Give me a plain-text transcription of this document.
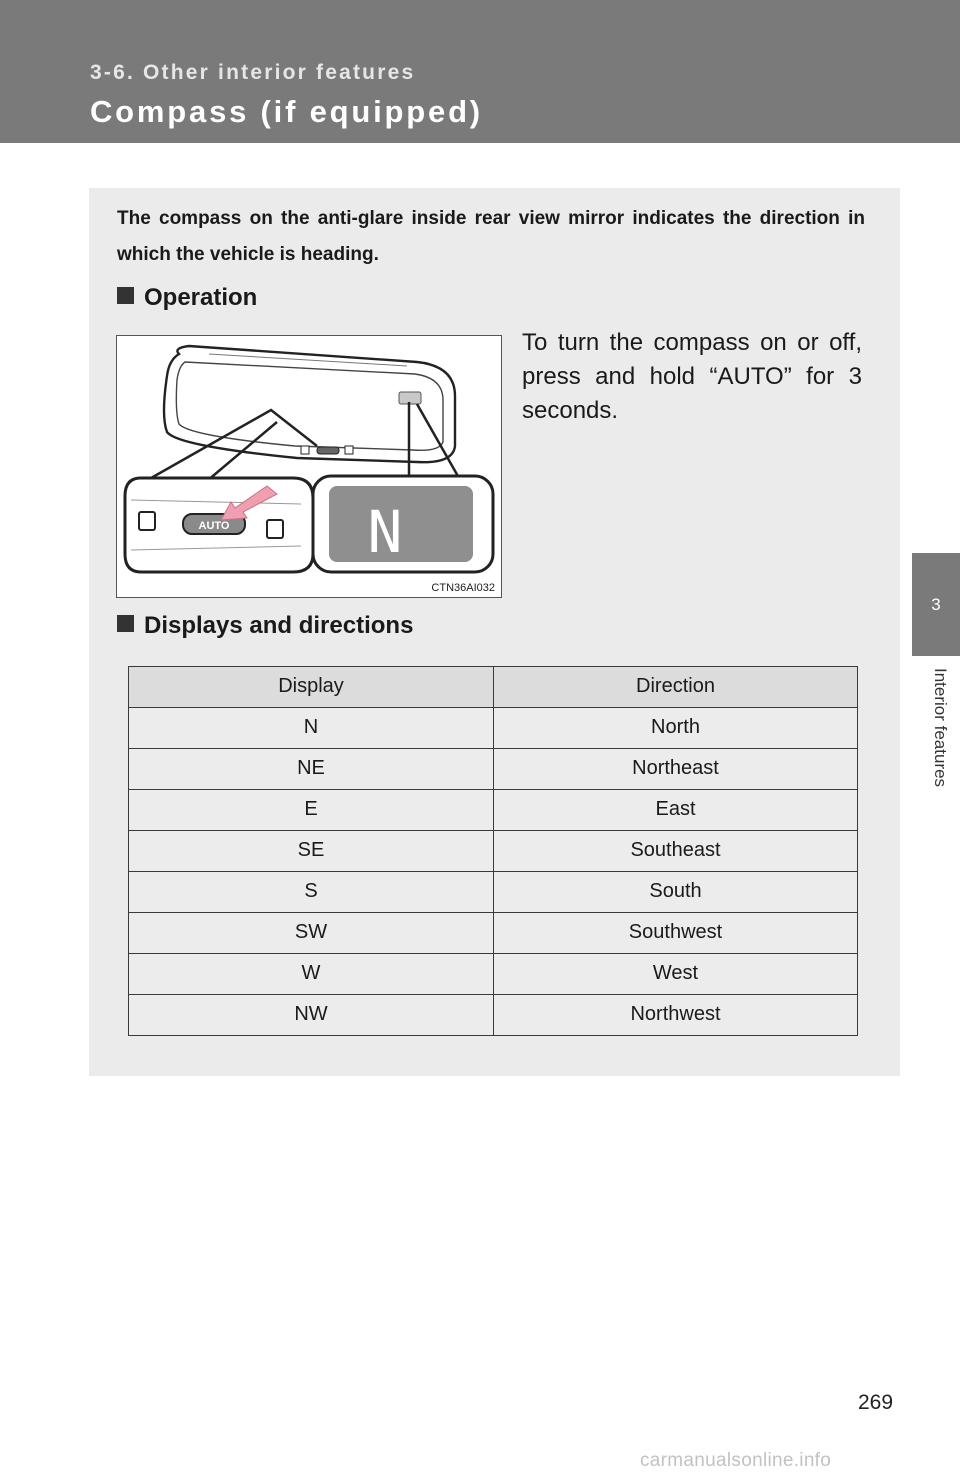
3-6. Other interior features
Compass (if equipped)
3
Interior features
The compass on the anti-glare inside rear view mirror indicates the direction in which the vehicle is heading.
Operation
To turn the compass on or off, press and hold “AUTO” for 3 seconds.
AUTO N
CTN36AI032
Displays and directions
Display	Direction
N	North
NE	Northeast
E	East
SE	Southeast
S	South
SW	Southwest
W	West
NW	Northwest
269
carmanualsonline.info
